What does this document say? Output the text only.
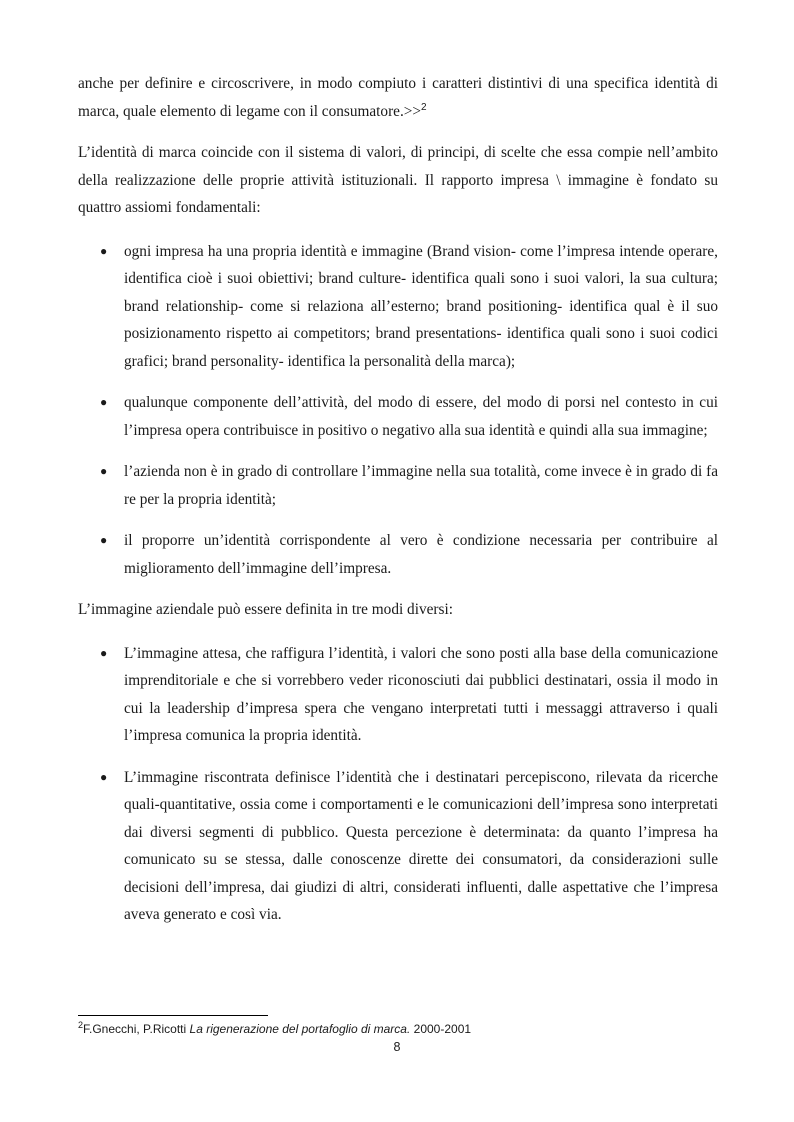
anche per definire e circoscrivere, in modo compiuto i caratteri distintivi di una specifica identità di marca, quale elemento di legame con il consumatore.>>$^2$

L’identità di marca coincide con il sistema di valori, di principi, di scelte che essa compie nell’ambito della realizzazione delle proprie attività istituzionali. Il rapporto impresa \ immagine è fondato su quattro assiomi fondamentali:

● ogni impresa ha una propria identità e immagine (Brand vision- come l’impresa intende operare, identifica cioè i suoi obiettivi; brand culture- identifica quali sono i suoi valori, la sua cultura; brand relationship- come si relaziona all’esterno; brand positioning- identifica qual è il suo posizionamento rispetto ai competitors; brand presentations- identifica quali sono i suoi codici grafici; brand personality- identifica la personalità della marca);
● qualunque componente dell’attività, del modo di essere, del modo di porsi nel contesto in cui l’impresa opera contribuisce in positivo o negativo alla sua identità e quindi alla sua immagine;
● l’azienda non è in grado di controllare l’immagine nella sua totalità, come invece è in grado di fa re per la propria identità;
● il proporre un’identità corrispondente al vero è condizione necessaria per contribuire al miglioramento dell’immagine dell’impresa.

L’immagine aziendale può essere definita in tre modi diversi:

● L’immagine attesa, che raffigura l’identità, i valori che sono posti alla base della comunicazione imprenditoriale e che si vorrebbero veder riconosciuti dai pubblici destinatari, ossia il modo in cui la leadership d’impresa spera che vengano interpretati tutti i messaggi attraverso i quali l’impresa comunica la propria identità.
● L’immagine riscontrata definisce l’identità che i destinatari percepiscono, rilevata da ricerche quali-quantitative, ossia come i comportamenti e le comunicazioni dell’impresa sono interpretati dai diversi segmenti di pubblico. Questa percezione è determinata: da quanto l’impresa ha comunicato su se stessa, dalle conoscenze dirette dei consumatori, da considerazioni sulle decisioni dell’impresa, dai giudizi di altri, considerati influenti, dalle aspettative che l’impresa aveva generato e così via.
$^2$F.Gnecchi, P.Ricotti La rigenerazione del portafoglio di marca. 2000-2001
8
